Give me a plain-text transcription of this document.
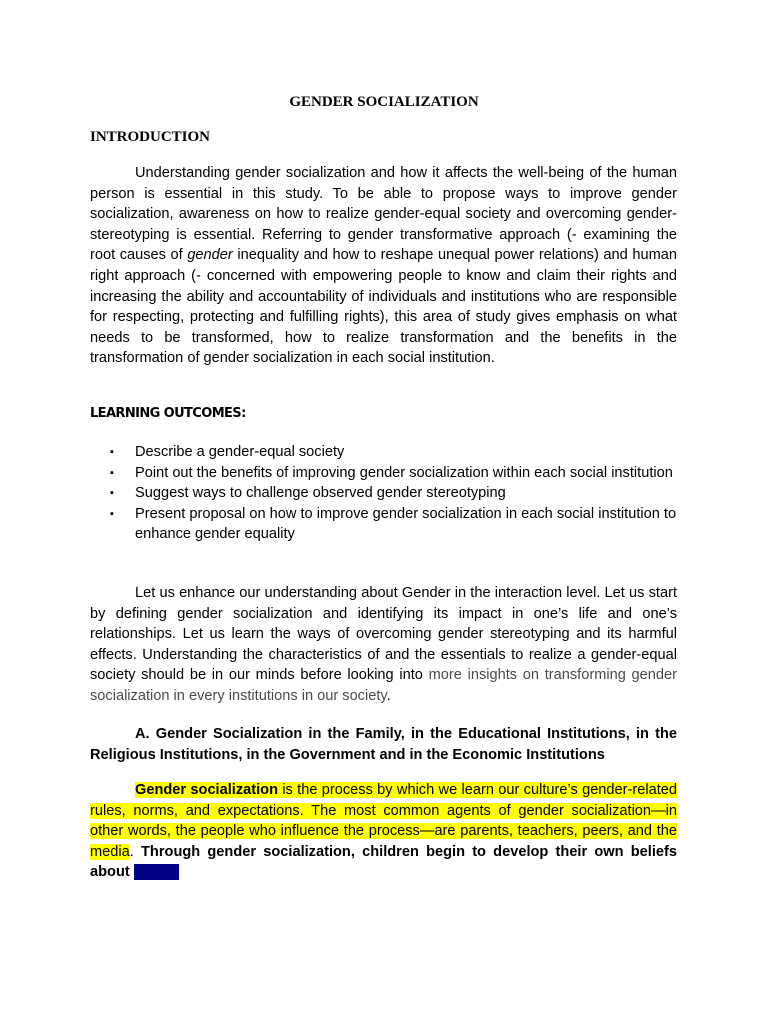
GENDER SOCIALIZATION
INTRODUCTION

Understanding gender socialization and how it affects the well-being of the human person is essential in this study. To be able to propose ways to improve gender socialization, awareness on how to realize gender-equal society and overcoming gender-stereotyping is essential. Referring to gender transformative approach (- examining the root causes of gender inequality and how to reshape unequal power relations) and human right approach (- concerned with empowering people to know and claim their rights and increasing the ability and accountability of individuals and institutions who are responsible for respecting, protecting and fulfilling rights), this area of study gives emphasis on what needs to be transformed, how to realize transformation and the benefits in the transformation of gender socialization in each social institution.

LEARNING OUTCOMES:
▪ Describe a gender-equal society
▪ Point out the benefits of improving gender socialization within each social institution
▪ Suggest ways to challenge observed gender stereotyping
▪ Present proposal on how to improve gender socialization in each social institution to enhance gender equality

Let us enhance our understanding about Gender in the interaction level. Let us start by defining gender socialization and identifying its impact in one’s life and one’s relationships. Let us learn the ways of overcoming gender stereotyping and its harmful effects. Understanding the characteristics of and the essentials to realize a gender-equal society should be in our minds before looking into more insights on transforming gender socialization in every institutions in our society.

A. Gender Socialization in the Family, in the Educational Institutions, in the Religious Institutions, in the Government and in the Economic Institutions

Gender socialization is the process by which we learn our culture’s gender-related rules, norms, and expectations. The most common agents of gender socialization—in other words, the people who influence the process—are parents, teachers, peers, and the media. Through gender socialization, children begin to develop their own beliefs about gender
